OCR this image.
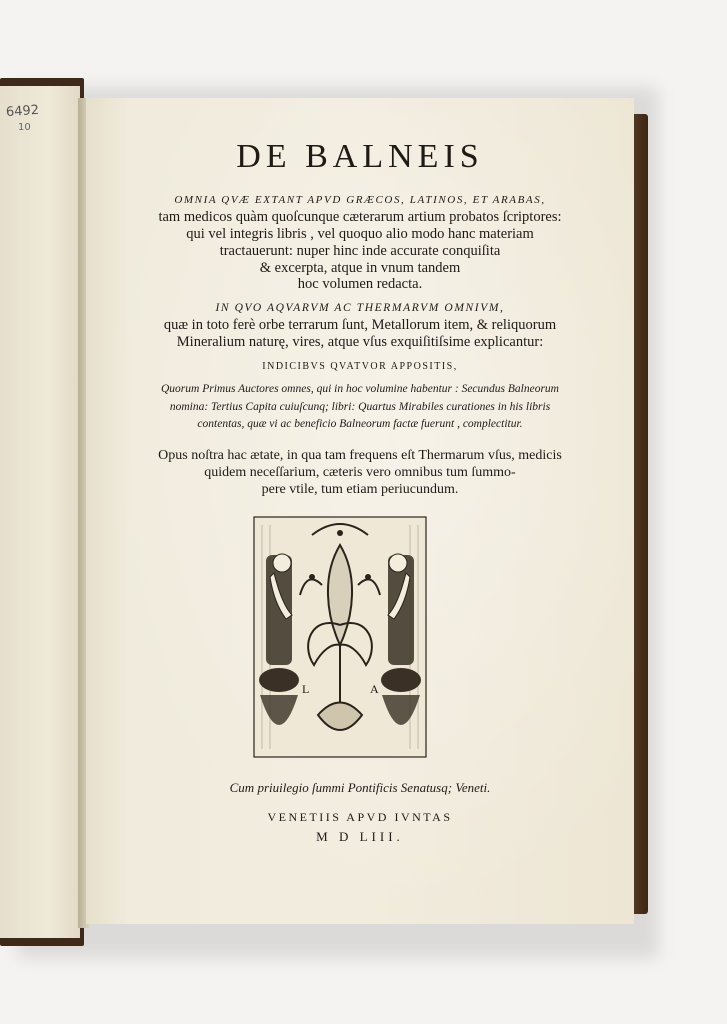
6492
10
DE BALNEIS
OMNIA QVÆ EXTANT APVD GRÆCOS, LATINOS, ET ARABAS,
tam medicos quàm quoſcunque cæterarum artium probatos ſcriptores:
qui vel integris libris , vel quoquo alio modo hanc materiam
tractauerunt: nuper hinc inde accurate conquiſita
& excerpta, atque in vnum tandem
hoc volumen redacta.
IN QVO AQVARVM AC THERMARVM OMNIVM,
quæ in toto ferè orbe terrarum ſunt, Metallorum item, & reliquorum
Mineralium naturę, vires, atque vſus exquiſitiſsime explicantur:
INDICIBVS QVATVOR APPOSITIS,
Quorum Primus Auctores omnes, qui in hoc volumine habentur : Secundus Balneorum
nomina: Tertius Capita cuiuſcunq; libri: Quartus Mirabiles curationes in his libris
contentas, quæ vi ac beneficio Balneorum factæ fuerunt , complectitur.
Opus noſtra hac ætate, in qua tam frequens eſt Thermarum vſus, medicis
quidem neceſſarium, cæteris vero omnibus tum ſummo-
pere vtile, tum etiam periucundum.
L	A
Cum priuilegio ſummi Pontificis Senatusq; Veneti.
VENETIIS APVD IVNTAS
M D LIII.
